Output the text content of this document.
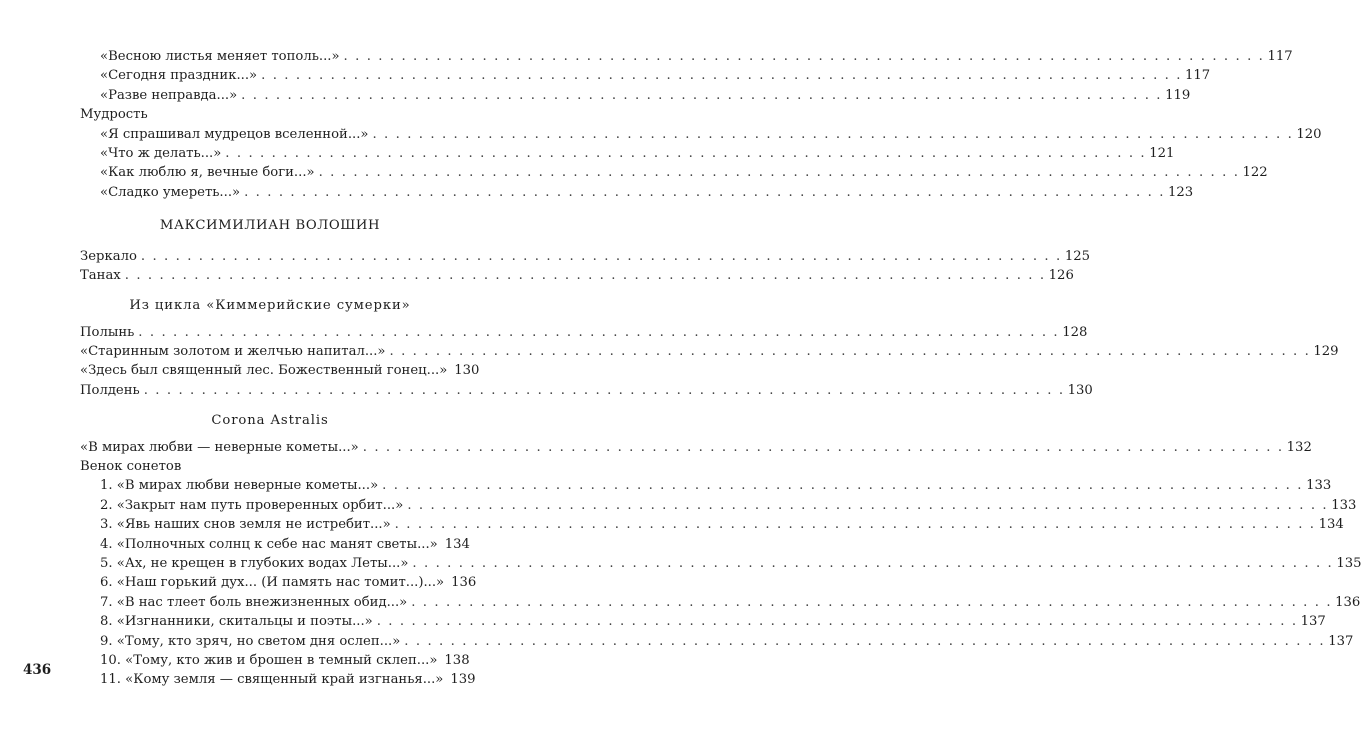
«Весною листья меняет тополь...» . . . . . . . . . . . . . . . . . . . . . . . . . . . . . . . . . . . . . . . . . . . . . . . . . . . . . . . . . . . . . . . . . . . . . . . . . . . . . . . . 117
«Сегодня праздник...» . . . . . . . . . . . . . . . . . . . . . . . . . . . . . . . . . . . . . . . . . . . . . . . . . . . . . . . . . . . . . . . . . . . . . . . . . . . . . . . . 117
«Разве неправда...» . . . . . . . . . . . . . . . . . . . . . . . . . . . . . . . . . . . . . . . . . . . . . . . . . . . . . . . . . . . . . . . . . . . . . . . . . . . . . . . . 119
Мудрость
«Я спрашивал мудрецов вселенной...» . . . . . . . . . . . . . . . . . . . . . . . . . . . . . . . . . . . . . . . . . . . . . . . . . . . . . . . . . . . . . . . . . . . . . . . . . . . . . . . . 120
«Что ж делать...» . . . . . . . . . . . . . . . . . . . . . . . . . . . . . . . . . . . . . . . . . . . . . . . . . . . . . . . . . . . . . . . . . . . . . . . . . . . . . . . . 121
«Как люблю я, вечные боги...» . . . . . . . . . . . . . . . . . . . . . . . . . . . . . . . . . . . . . . . . . . . . . . . . . . . . . . . . . . . . . . . . . . . . . . . . . . . . . . . . 122
«Сладко умереть...» . . . . . . . . . . . . . . . . . . . . . . . . . . . . . . . . . . . . . . . . . . . . . . . . . . . . . . . . . . . . . . . . . . . . . . . . . . . . . . . . 123
МАКСИМИЛИАН ВОЛОШИН
Зеркало . . . . . . . . . . . . . . . . . . . . . . . . . . . . . . . . . . . . . . . . . . . . . . . . . . . . . . . . . . . . . . . . . . . . . . . . . . . . . . . . 125
Танах . . . . . . . . . . . . . . . . . . . . . . . . . . . . . . . . . . . . . . . . . . . . . . . . . . . . . . . . . . . . . . . . . . . . . . . . . . . . . . . . 126
Из цикла «Киммерийские сумерки»
Полынь . . . . . . . . . . . . . . . . . . . . . . . . . . . . . . . . . . . . . . . . . . . . . . . . . . . . . . . . . . . . . . . . . . . . . . . . . . . . . . . . 128
«Старинным золотом и желчью напитал...» . . . . . . . . . . . . . . . . . . . . . . . . . . . . . . . . . . . . . . . . . . . . . . . . . . . . . . . . . . . . . . . . . . . . . . . . . . . . . . . . 129
«Здесь был священный лес. Божественный гонец...» 130
Полдень . . . . . . . . . . . . . . . . . . . . . . . . . . . . . . . . . . . . . . . . . . . . . . . . . . . . . . . . . . . . . . . . . . . . . . . . . . . . . . . . 130
Corona Astralis
«В мирах любви — неверные кометы...» . . . . . . . . . . . . . . . . . . . . . . . . . . . . . . . . . . . . . . . . . . . . . . . . . . . . . . . . . . . . . . . . . . . . . . . . . . . . . . . . 132
Венок сонетов
1. «В мирах любви неверные кометы...» . . . . . . . . . . . . . . . . . . . . . . . . . . . . . . . . . . . . . . . . . . . . . . . . . . . . . . . . . . . . . . . . . . . . . . . . . . . . . . . . 133
2. «Закрыт нам путь проверенных орбит...» . . . . . . . . . . . . . . . . . . . . . . . . . . . . . . . . . . . . . . . . . . . . . . . . . . . . . . . . . . . . . . . . . . . . . . . . . . . . . . . . 133
3. «Явь наших снов земля не истребит...» . . . . . . . . . . . . . . . . . . . . . . . . . . . . . . . . . . . . . . . . . . . . . . . . . . . . . . . . . . . . . . . . . . . . . . . . . . . . . . . . 134
4. «Полночных солнц к себе нас манят светы...» 134
5. «Ах, не крещен в глубоких водах Леты...» . . . . . . . . . . . . . . . . . . . . . . . . . . . . . . . . . . . . . . . . . . . . . . . . . . . . . . . . . . . . . . . . . . . . . . . . . . . . . . . . 135
6. «Наш горький дух... (И память нас томит...)...» 136
7. «В нас тлеет боль внежизненных обид...» . . . . . . . . . . . . . . . . . . . . . . . . . . . . . . . . . . . . . . . . . . . . . . . . . . . . . . . . . . . . . . . . . . . . . . . . . . . . . . . . 136
8. «Изгнанники, скитальцы и поэты...» . . . . . . . . . . . . . . . . . . . . . . . . . . . . . . . . . . . . . . . . . . . . . . . . . . . . . . . . . . . . . . . . . . . . . . . . . . . . . . . . 137
9. «Тому, кто зряч, но светом дня ослеп...» . . . . . . . . . . . . . . . . . . . . . . . . . . . . . . . . . . . . . . . . . . . . . . . . . . . . . . . . . . . . . . . . . . . . . . . . . . . . . . . . 137
10. «Тому, кто жив и брошен в темный склеп...» 138
11. «Кому земля — священный край изгнанья...» 139
436
